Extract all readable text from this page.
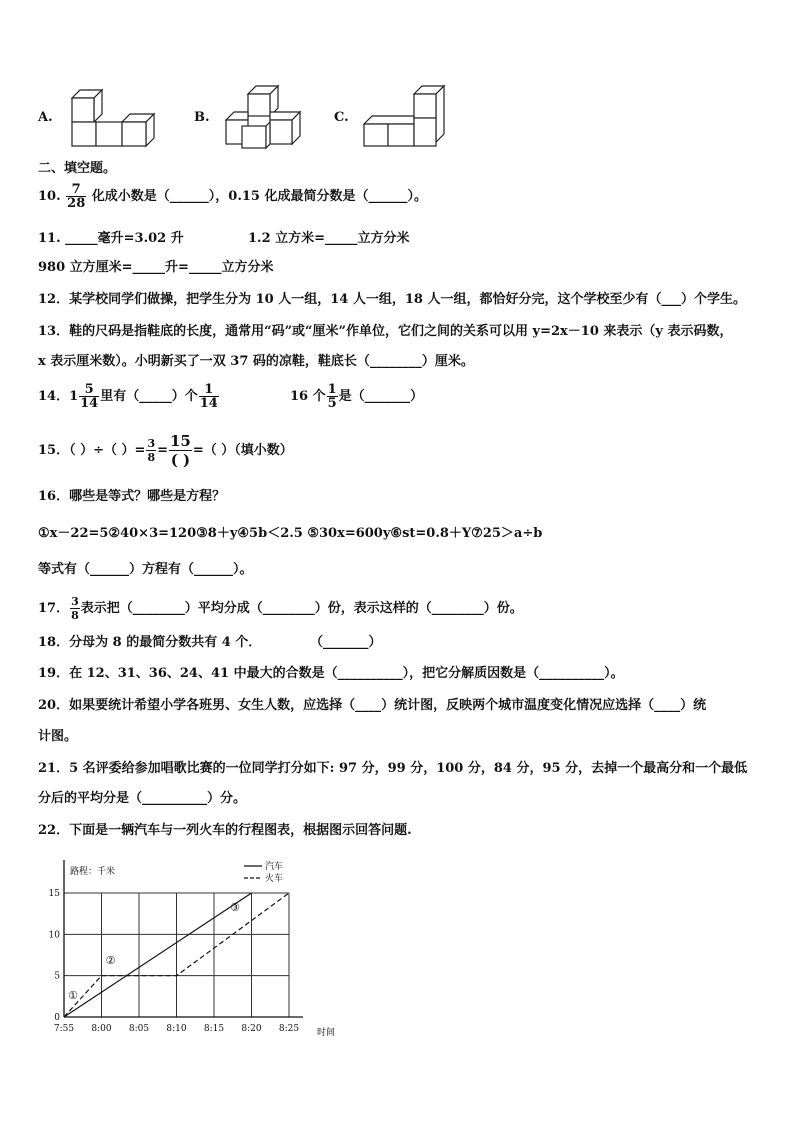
A.	B.	C.
二、填空题。
10. $\frac{7}{28}$ 化成小数是（______），0.15 化成最简分数是（______）。
11. _____毫升=3.02 升	1.2 立方米=_____立方分米
980 立方厘米=_____升=_____立方分米
12．某学校同学们做操，把学生分为 10 人一组，14 人一组，18 人一组，都恰好分完，这个学校至少有（___）个学生。
13．鞋的尺码是指鞋底的长度，通常用“码”或“厘米”作单位，它们之间的关系可以用 y=2x－10 来表示（y 表示码数，
x 表示厘米数）。小明新买了一双 37 码的凉鞋，鞋底长（________）厘米。
14．$1 \frac{5}{14}$ 里有（_____）个 $\frac{1}{14}$	16 个 $\frac{1}{5}$ 是（_______）
15．（ ）÷（ ）= $\frac{3}{8} = \frac{15}{( )}$ =（ ）（填小数）
16．哪些是等式？哪些是方程？
①x－22=5②40×3=120③8＋y④5b＜2.5 ⑤30x=600y⑥st=0.8＋Y⑦25＞a÷b
等式有（______）方程有（______）。
17． $\frac{3}{8}$ 表示把（________）平均分成（________）份，表示这样的（________）份。
18．分母为 8 的最简分数共有 4 个．	（_______）
19．在 12、31、36、24、41 中最大的合数是（__________），把它分解质因数是（__________）。
20．如果要统计希望小学各班男、女生人数，应选择（____）统计图，反映两个城市温度变化情况应选择（____）统
计图。
21．5 名评委给参加唱歌比赛的一位同学打分如下: 97 分，99 分，100 分，84 分，95 分，去掉一个最高分和一个最低
分后的平均分是（__________）分。
22．下面是一辆汽车与一列火车的行程图表，根据图示回答问题.
7:55 8:00 8:05 8:10 8:15 8:20 8:25
0
5
10
15
路程：千米
时间
汽车
火车
①
②
③
